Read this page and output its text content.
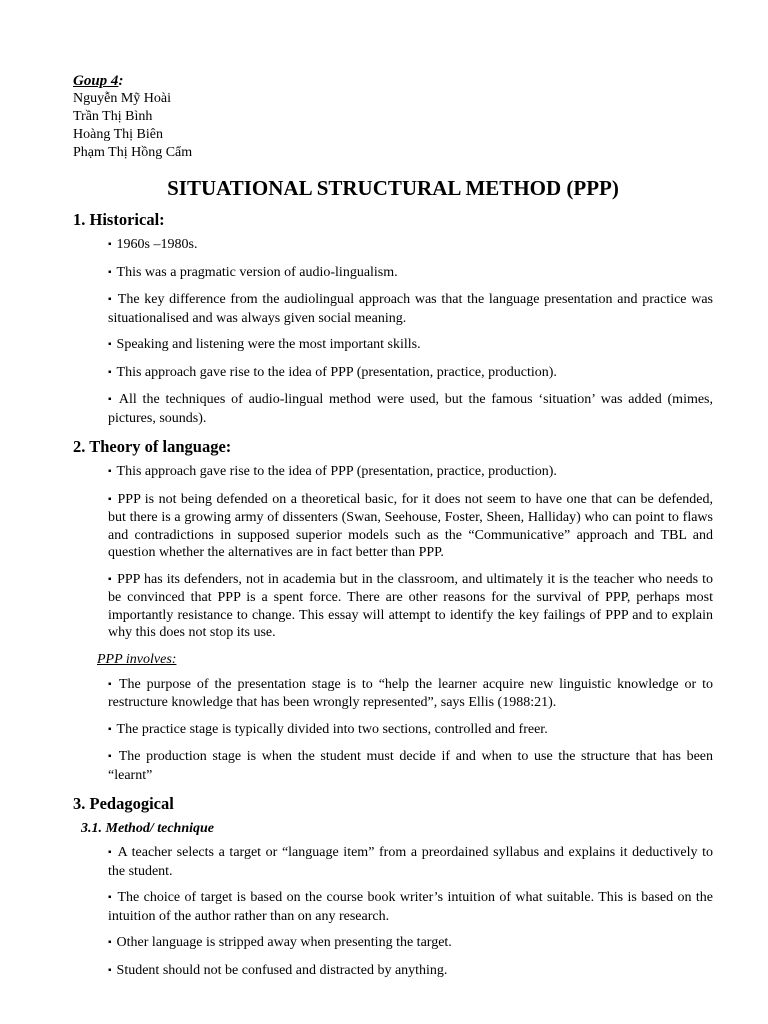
Goup 4:
Nguyễn Mỹ Hoài
Trần Thị Bình
Hoàng Thị Biên
Phạm Thị Hồng Cẩm
SITUATIONAL STRUCTURAL METHOD (PPP)
1. Historical:
▪ 1960s –1980s.
▪ This was a pragmatic version of audio-lingualism.
▪ The key difference from the audiolingual approach was that the language presentation and practice was situationalised and was always given social meaning.
▪ Speaking and listening were the most important skills.
▪ This approach gave rise to the idea of PPP (presentation, practice, production).
▪ All the techniques of audio-lingual method were used, but the famous ‘situation’ was added (mimes, pictures, sounds).
2. Theory of language:
▪ This approach gave rise to the idea of PPP (presentation, practice, production).
▪ PPP is not being defended on a theoretical basic, for it does not seem to have one that can be defended, but there is a growing army of dissenters (Swan, Seehouse, Foster, Sheen, Halliday) who can point to flaws and contradictions in supposed superior models such as the “Communicative” approach and TBL and question whether the alternatives are in fact better than PPP.
▪ PPP has its defenders, not in academia but in the classroom, and ultimately it is the teacher who needs to be convinced that PPP is a spent force. There are other reasons for the survival of PPP, perhaps most importantly resistance to change. This essay will attempt to identify the key failings of PPP and to explain why this does not stop its use.
PPP involves:
▪ The purpose of the presentation stage is to “help the learner acquire new linguistic knowledge or to restructure knowledge that has been wrongly represented”, says Ellis (1988:21).
▪ The practice stage is typically divided into two sections, controlled and freer.
▪ The production stage is when the student must decide if and when to use the structure that has been “learnt”
3. Pedagogical
3.1. Method/ technique
▪ A teacher selects a target or “language item” from a preordained syllabus and explains it deductively to the student.
▪ The choice of target is based on the course book writer’s intuition of what suitable. This is based on the intuition of the author rather than on any research.
▪ Other language is stripped away when presenting the target.
▪ Student should not be confused and distracted by anything.
